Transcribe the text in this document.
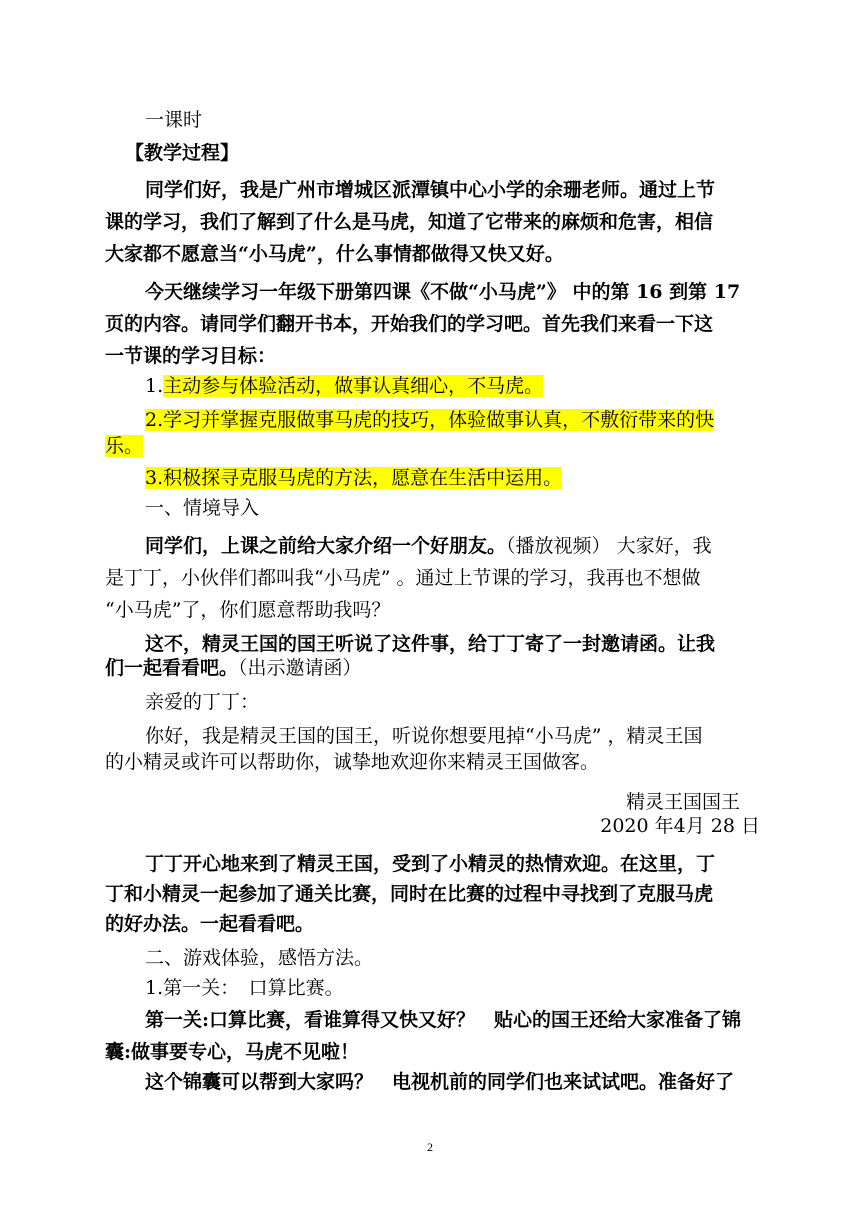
一课时
【教学过程】
同学们好，我是广州市增城区派潭镇中心小学的余珊老师。通过上节
课的学习，我们了解到了什么是马虎，知道了它带来的麻烦和危害，相信
大家都不愿意当“小马虎”，什么事情都做得又快又好。
今天继续学习一年级下册第四课《不做“小马虎”》 中的第 16 到第 17
页的内容。请同学们翻开书本，开始我们的学习吧。首先我们来看一下这
一节课的学习目标：
1.主动参与体验活动，做事认真细心，不马虎。
2.学习并掌握克服做事马虎的技巧，体验做事认真，不敷衍带来的快
乐。
3.积极探寻克服马虎的方法，愿意在生活中运用。
一、情境导入
同学们，上课之前给大家介绍一个好朋友。（播放视频） 大家好，我
是丁丁，小伙伴们都叫我“小马虎” 。通过上节课的学习，我再也不想做
“小马虎”了，你们愿意帮助我吗？
这不，精灵王国的国王听说了这件事，给丁丁寄了一封邀请函。让我
们一起看看吧。（出示邀请函）
亲爱的丁丁：
你好，我是精灵王国的国王，听说你想要甩掉“小马虎” ，精灵王国
的小精灵或许可以帮助你，诚挚地欢迎你来精灵王国做客。
精灵王国国王
2020 年4月 28 日
丁丁开心地来到了精灵王国，受到了小精灵的热情欢迎。在这里，丁
丁和小精灵一起参加了通关比赛，同时在比赛的过程中寻找到了克服马虎
的好办法。一起看看吧。
二、游戏体验，感悟方法。
1.第一关：　口算比赛。
第一关:口算比赛，看谁算得又快又好？　贴心的国王还给大家准备了锦
囊:做事要专心，马虎不见啦！
这个锦囊可以帮到大家吗？　电视机前的同学们也来试试吧。准备好了
2
